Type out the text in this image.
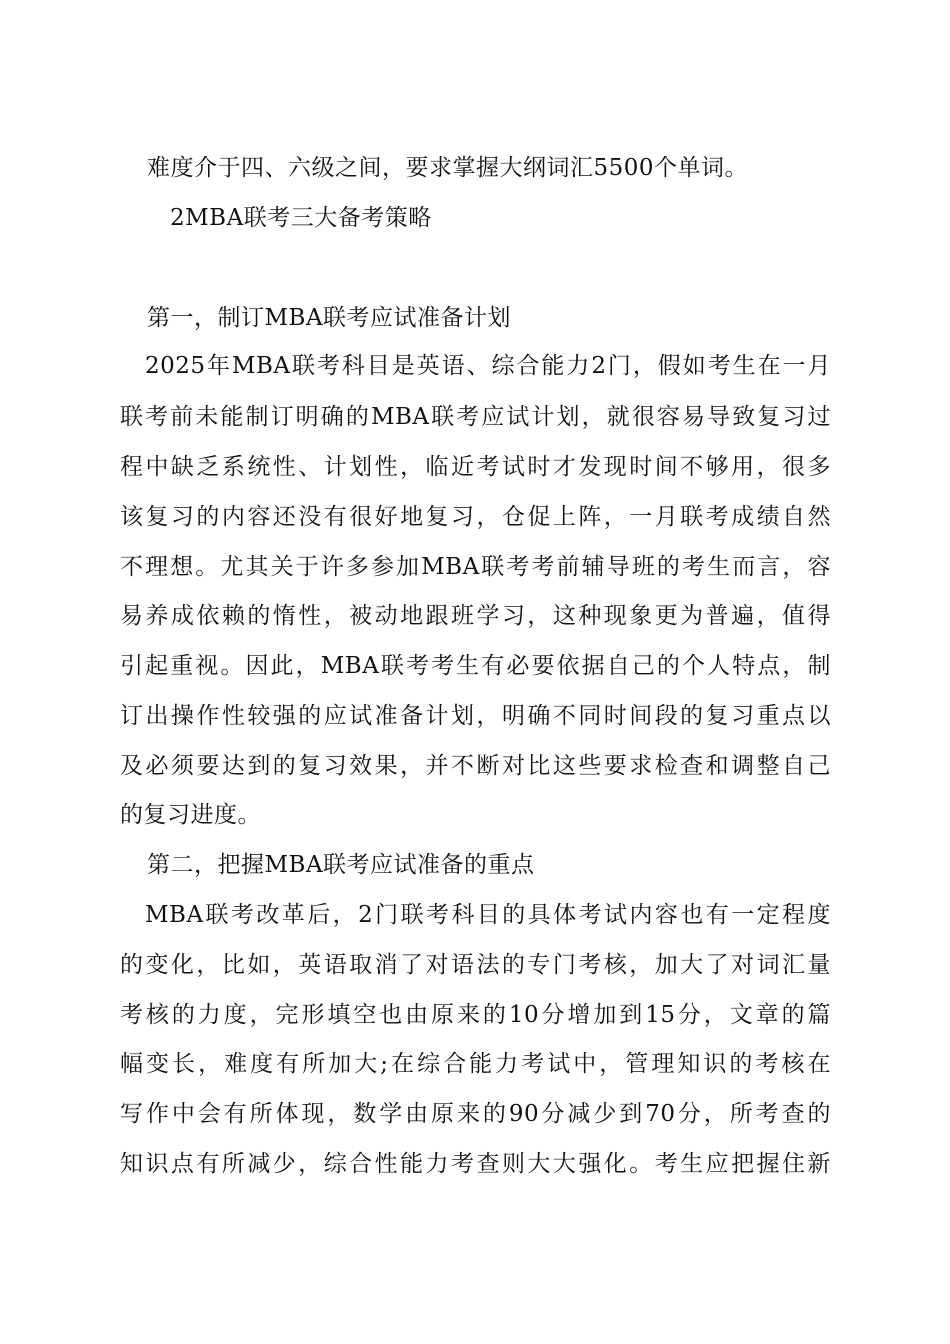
难度介于四、六级之间，要求掌握大纲词汇5500个单词。
2MBA联考三大备考策略
第一，制订MBA联考应试准备计划
2025年MBA联考科目是英语、综合能力2门，假如考生在一月
联考前未能制订明确的MBA联考应试计划，就很容易导致复习过
程中缺乏系统性、计划性，临近考试时才发现时间不够用，很多
该复习的内容还没有很好地复习，仓促上阵，一月联考成绩自然
不理想。尤其关于许多参加MBA联考考前辅导班的考生而言，容
易养成依赖的惰性，被动地跟班学习，这种现象更为普遍，值得
引起重视。因此，MBA联考考生有必要依据自己的个人特点，制
订出操作性较强的应试准备计划，明确不同时间段的复习重点以
及必须要达到的复习效果，并不断对比这些要求检查和调整自己
的复习进度。
第二，把握MBA联考应试准备的重点
MBA联考改革后，2门联考科目的具体考试内容也有一定程度
的变化，比如，英语取消了对语法的专门考核，加大了对词汇量
考核的力度，完形填空也由原来的10分增加到15分，文章的篇
幅变长，难度有所加大;在综合能力考试中，管理知识的考核在
写作中会有所体现，数学由原来的90分减少到70分，所考查的
知识点有所减少，综合性能力考查则大大强化。考生应把握住新
